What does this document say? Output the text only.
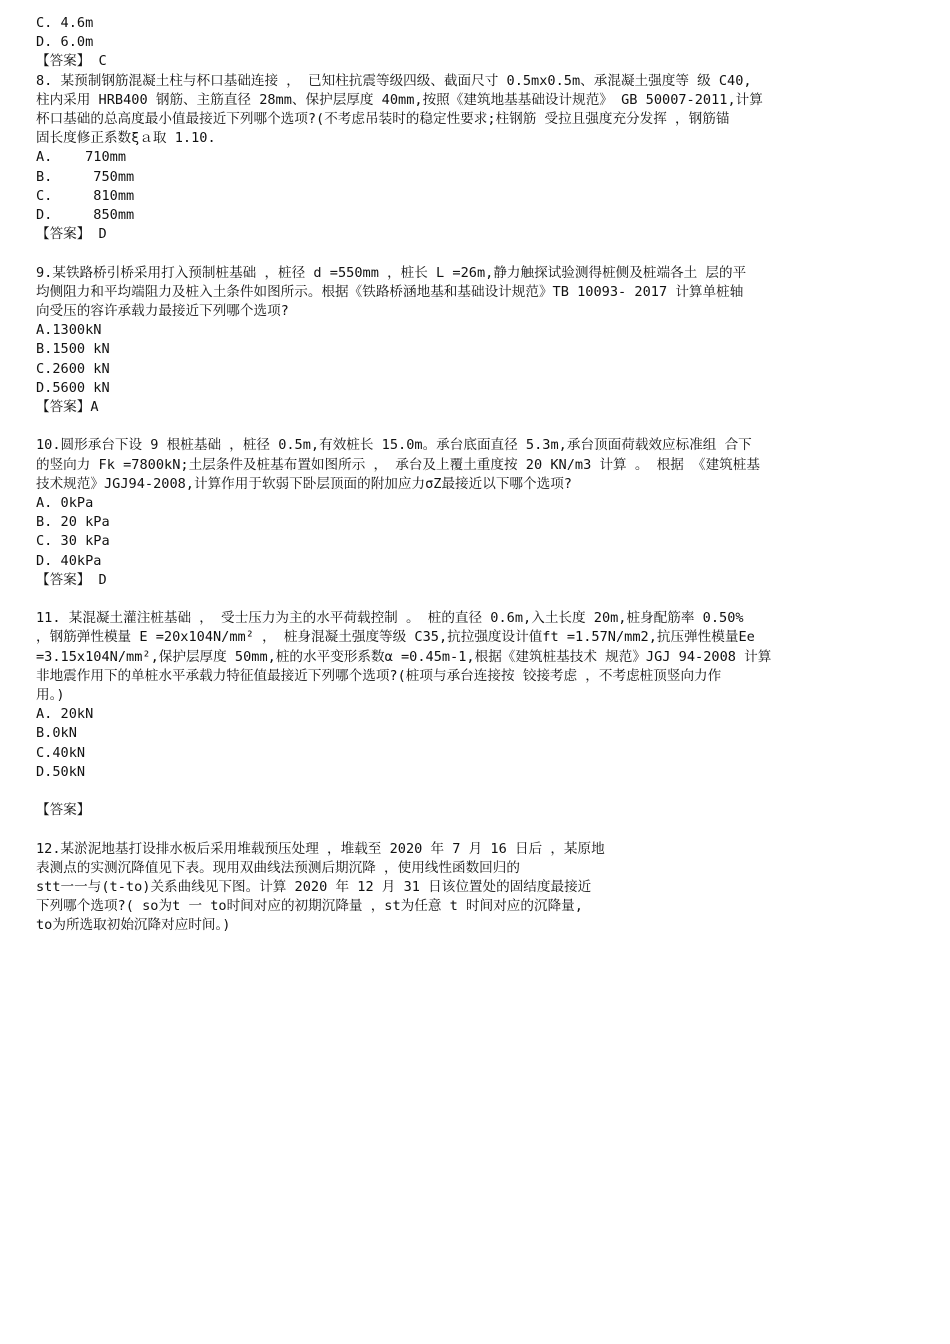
C. 4.6m
D. 6.0m
【答案】 C
8. 某预制钢筋混凝土柱与杯口基础连接 ， 已知柱抗震等级四级、截面尺寸 0.5mx0.5m、承混凝土强度等 级 C40,
柱内采用 HRB400 钢筋、主筋直径 28mm、保护层厚度 40mm,按照《建筑地基基础设计规范》 GB 50007-2011,计算
杯口基础的总高度最小值最接近下列哪个选项?(不考虑吊装时的稳定性要求;柱钢筋 受拉且强度充分发挥 ，钢筋锚
固长度修正系数ξａ取 1.10.
A.    710mm
B.     750mm
C.     810mm
D.     850mm
【答案】 D
9.某铁路桥引桥采用打入预制桩基础 ，桩径 d =550mm ，桩长 L =26m,静力触探试验测得桩侧及桩端各土 层的平
均侧阻力和平均端阻力及桩入土条件如图所示。根据《铁路桥涵地基和基础设计规范》TB 10093- 2017 计算单桩轴
向受压的容许承载力最接近下列哪个选项?
A.1300kN
B.1500 kN
C.2600 kN
D.5600 kN
【答案】A
10.圆形承台下设 9 根桩基础 ，桩径 0.5m,有效桩长 15.0m。承台底面直径 5.3m,承台顶面荷载效应标准组 合下
的竖向力 Fk =7800kN;土层条件及桩基布置如图所示 ， 承台及上覆土重度按 20 KN/m3 计算 。 根据 《建筑桩基
技术规范》JGJ94-2008,计算作用于软弱下卧层顶面的附加应力σZ最接近以下哪个选项?
A. 0kPa
B. 20 kPa
C. 30 kPa
D. 40kPa
【答案】 D
11. 某混凝土灌注桩基础 ， 受士压力为主的水平荷载控制 。 桩的直径 0.6m,入土长度 20m,桩身配筋率 0.50%
，钢筋弹性模量 E =20x104N/mm² ， 桩身混凝土强度等级 C35,抗拉强度设计值ft =1.57N/mm2,抗压弹性模量Ee
=3.15x104N/mm²,保护层厚度 50mm,桩的水平变形系数α =0.45m-1,根据《建筑桩基技术 规范》JGJ 94-2008 计算
非地震作用下的单桩水平承载力特征值最接近下列哪个选项?(桩项与承台连接按 铰接考虑 ，不考虑桩顶竖向力作
用。)
A. 20kN
B.0kN
C.40kN
D.50kN
【答案】
12.某淤泥地基打设排水板后采用堆载预压处理 ，堆载至 2020 年 7 月 16 日后 ，某原地
表测点的实测沉降值见下表。现用双曲线法预测后期沉降 ，使用线性函数回归的
stt一一与(t-to)关系曲线见下图。计算 2020 年 12 月 31 日该位置处的固结度最接近
下列哪个选项?( so为t 一 to时间对应的初期沉降量 ，st为任意 t 时间对应的沉降量,
to为所选取初始沉降对应时间。)
